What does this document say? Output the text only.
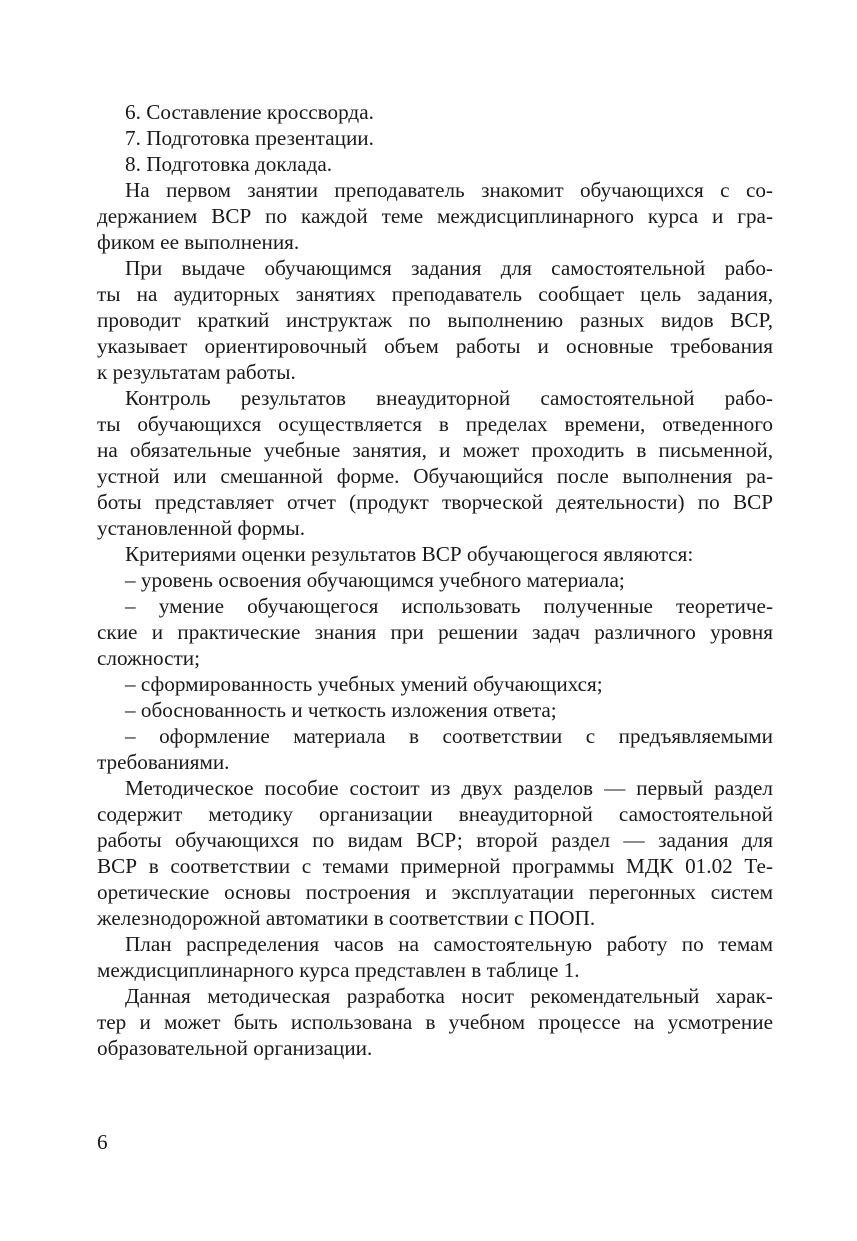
6. Составление кроссворда.
7. Подготовка презентации.
8. Подготовка доклада.
На первом занятии преподаватель знакомит обучающихся с со-
держанием ВСР по каждой теме междисциплинарного курса и гра-
фиком ее выполнения.
При выдаче обучающимся задания для самостоятельной рабо-
ты на аудиторных занятиях преподаватель сообщает цель задания,
проводит краткий инструктаж по выполнению разных видов ВСР,
указывает ориентировочный объем работы и основные требования
к результатам работы.
Контроль результатов внеаудиторной самостоятельной рабо-
ты обучающихся осуществляется в пределах времени, отведенного
на обязательные учебные занятия, и может проходить в письменной,
устной или смешанной форме. Обучающийся после выполнения ра-
боты представляет отчет (продукт творческой деятельности) по ВСР
установленной формы.
Критериями оценки результатов ВСР обучающегося являются:
– уровень освоения обучающимся учебного материала;
– умение обучающегося использовать полученные теоретиче-
ские и практические знания при решении задач различного уровня
сложности;
– сформированность учебных умений обучающихся;
– обоснованность и четкость изложения ответа;
– оформление материала в соответствии с предъявляемыми
требованиями.
Методическое пособие состоит из двух разделов — первый раздел
содержит методику организации внеаудиторной самостоятельной
работы обучающихся по видам ВСР; второй раздел — задания для
ВСР в соответствии с темами примерной программы МДК 01.02 Те-
оретические основы построения и эксплуатации перегонных систем
железнодорожной автоматики в соответствии с ПООП.
План распределения часов на самостоятельную работу по темам
междисциплинарного курса представлен в таблице 1.
Данная методическая разработка носит рекомендательный харак-
тер и может быть использована в учебном процессе на усмотрение
образовательной организации.
6
